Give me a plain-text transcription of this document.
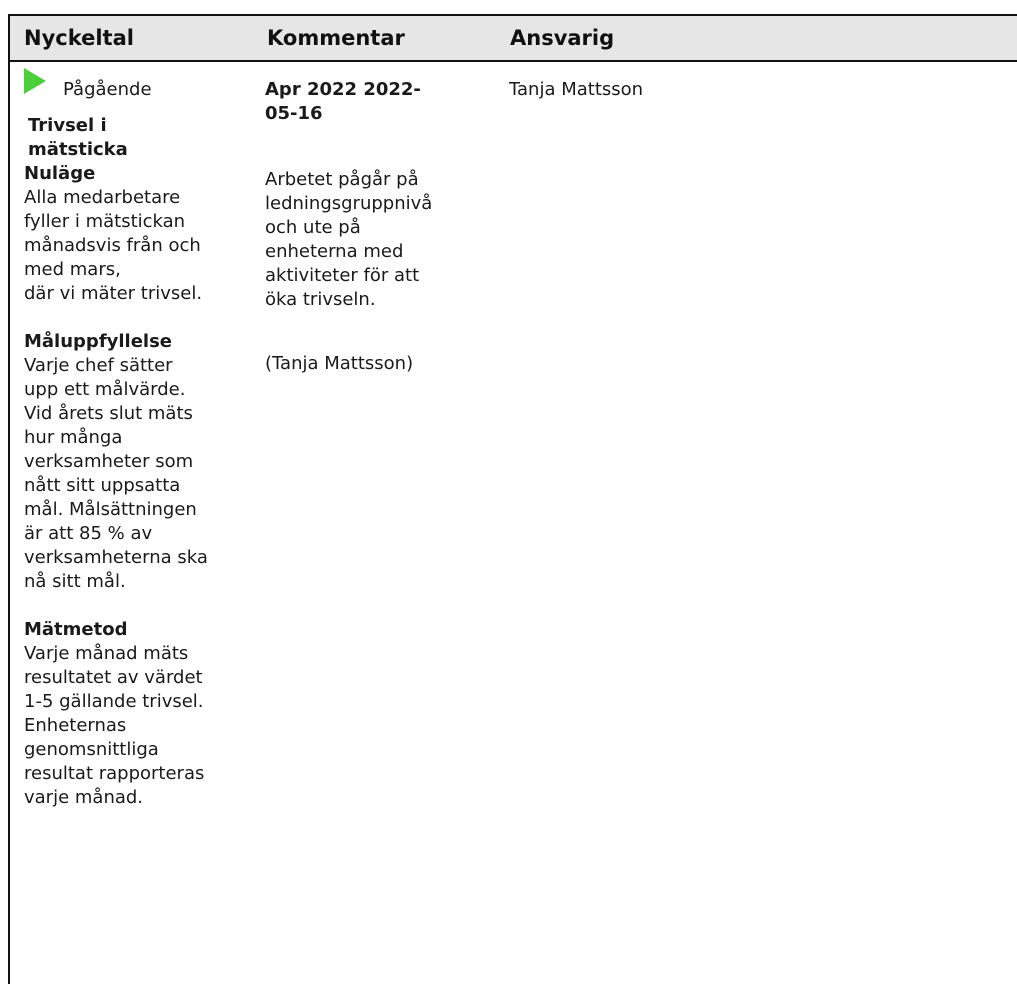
Nyckeltal	Kommentar	Ansvarig
Pågående
Trivsel i
mätsticka
Nuläge
Alla medarbetare
fyller i mätstickan
månadsvis från och
med mars,
där vi mäter trivsel.
Måluppfyllelse
Varje chef sätter
upp ett målvärde.
Vid årets slut mäts
hur många
verksamheter som
nått sitt uppsatta
mål. Målsättningen
är att 85 % av
verksamheterna ska
nå sitt mål.
Mätmetod
Varje månad mäts
resultatet av värdet
1-5 gällande trivsel.
Enheternas
genomsnittliga
resultat rapporteras
varje månad.
Apr 2022 2022-
05-16
Arbetet pågår på
ledningsgruppnivå
och ute på
enheterna med
aktiviteter för att
öka trivseln.
(Tanja Mattsson)
Tanja Mattsson
